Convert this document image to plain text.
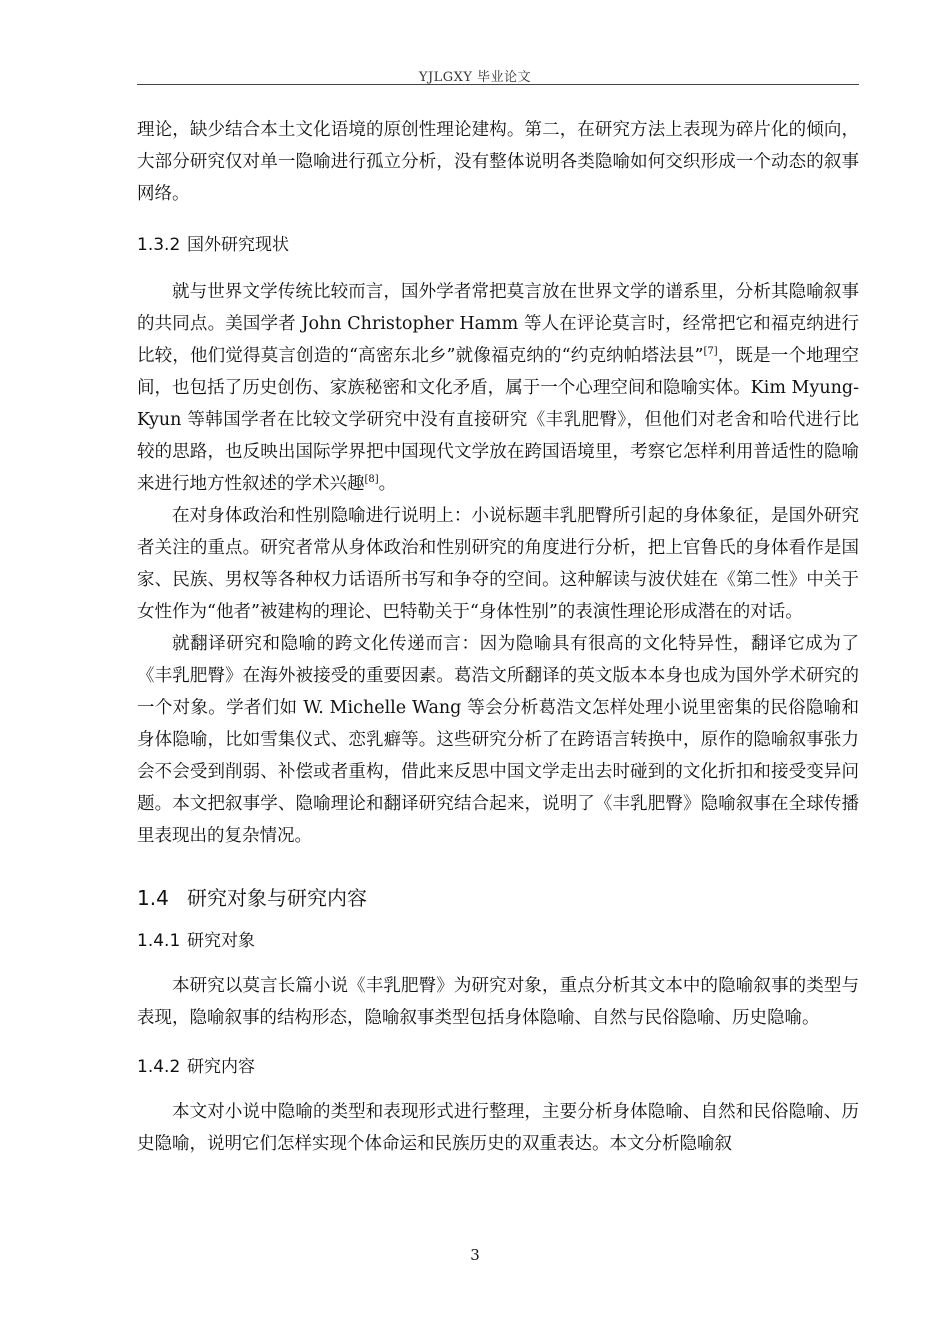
YJLGXY 毕业论文

理论，缺少结合本土文化语境的原创性理论建构。第二，在研究方法上表现为碎片化的倾向，大部分研究仅对单一隐喻进行孤立分析，没有整体说明各类隐喻如何交织形成一个动态的叙事网络。

1.3.2 国外研究现状

就与世界文学传统比较而言，国外学者常把莫言放在世界文学的谱系里，分析其隐喻叙事的共同点。美国学者 John Christopher Hamm 等人在评论莫言时，经常把它和福克纳进行比较，他们觉得莫言创造的“高密东北乡”就像福克纳的“约克纳帕塔法县”[7]，既是一个地理空间，也包括了历史创伤、家族秘密和文化矛盾，属于一个心理空间和隐喻实体。Kim Myung-Kyun 等韩国学者在比较文学研究中没有直接研究《丰乳肥臀》，但他们对老舍和哈代进行比较的思路，也反映出国际学界把中国现代文学放在跨国语境里，考察它怎样利用普适性的隐喻来进行地方性叙述的学术兴趣[8]。

在对身体政治和性别隐喻进行说明上：小说标题丰乳肥臀所引起的身体象征，是国外研究者关注的重点。研究者常从身体政治和性别研究的角度进行分析，把上官鲁氏的身体看作是国家、民族、男权等各种权力话语所书写和争夺的空间。这种解读与波伏娃在《第二性》中关于女性作为“他者”被建构的理论、巴特勒关于“身体性别”的表演性理论形成潜在的对话。

就翻译研究和隐喻的跨文化传递而言：因为隐喻具有很高的文化特异性，翻译它成为了《丰乳肥臀》在海外被接受的重要因素。葛浩文所翻译的英文版本本身也成为国外学术研究的一个对象。学者们如 W. Michelle Wang 等会分析葛浩文怎样处理小说里密集的民俗隐喻和身体隐喻，比如雪集仪式、恋乳癖等。这些研究分析了在跨语言转换中，原作的隐喻叙事张力会不会受到削弱、补偿或者重构，借此来反思中国文学走出去时碰到的文化折扣和接受变异问题。本文把叙事学、隐喻理论和翻译研究结合起来，说明了《丰乳肥臀》隐喻叙事在全球传播里表现出的复杂情况。

1.4 研究对象与研究内容
1.4.1 研究对象

本研究以莫言长篇小说《丰乳肥臀》为研究对象，重点分析其文本中的隐喻叙事的类型与表现，隐喻叙事的结构形态，隐喻叙事类型包括身体隐喻、自然与民俗隐喻、历史隐喻。

1.4.2 研究内容

本文对小说中隐喻的类型和表现形式进行整理，主要分析身体隐喻、自然和民俗隐喻、历史隐喻，说明它们怎样实现个体命运和民族历史的双重表达。本文分析隐喻叙

3
